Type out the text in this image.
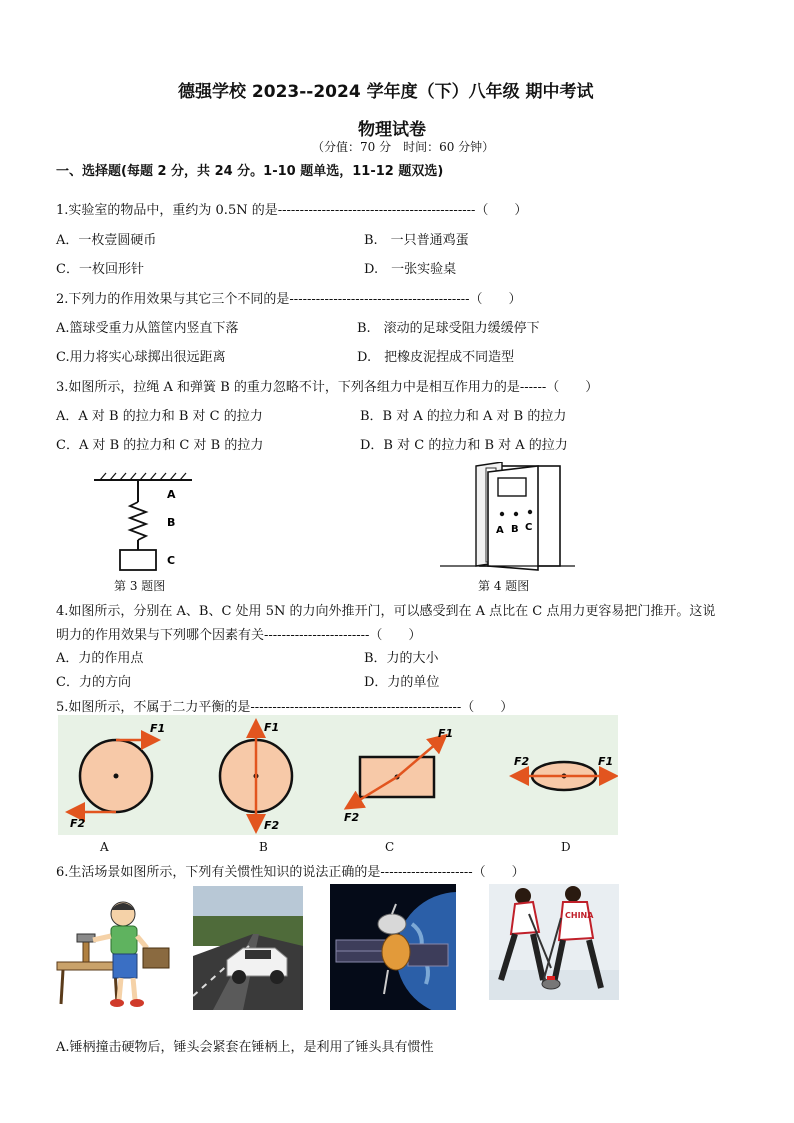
德强学校 2023--2024 学年度（下）八年级 期中考试
物理试卷
（分值：70 分　时间：60 分钟）
一、选择题(每题 2 分，共 24 分。1-10 题单选，11-12 题双选)
1.实验室的物品中，重约为 0.5N 的是---------------------------------------------（　　）
A．一枚壹圆硬币	B.　一只普通鸡蛋
C．一枚回形针	D.　一张实验桌
2.下列力的作用效果与其它三个不同的是-----------------------------------------（　　）
A.篮球受重力从篮筐内竖直下落	B.　滚动的足球受阻力缓缓停下
C.用力将实心球掷出很远距离	D.　把橡皮泥捏成不同造型
3.如图所示，拉绳 A 和弹簧 B 的重力忽略不计，下列各组力中是相互作用力的是------（　　）
A．A 对 B 的拉力和 B 对 C 的拉力	B．B 对 A 的拉力和 A 对 B 的拉力
C．A 对 B 的拉力和 C 对 B 的拉力	D．B 对 C 的拉力和 B 对 A 的拉力
A
B
C
第 3 题图
A B C
第 4 题图
4.如图所示，分别在 A、B、C 处用 5N 的力向外推开门，可以感受到在 A 点比在 C 点用力更容易把门推开。这说
明力的作用效果与下列哪个因素有关------------------------（　　）
A．力的作用点	B．力的大小
C．力的方向	D．力的单位
5.如图所示，不属于二力平衡的是------------------------------------------------（　　）
F1
F2
F1
F2
F1
F2
F1
F2
A	B	C	D
6.生活场景如图所示，下列有关惯性知识的说法正确的是---------------------（　　）
CHINA
A.锤柄撞击硬物后，锤头会紧套在锤柄上，是利用了锤头具有惯性
